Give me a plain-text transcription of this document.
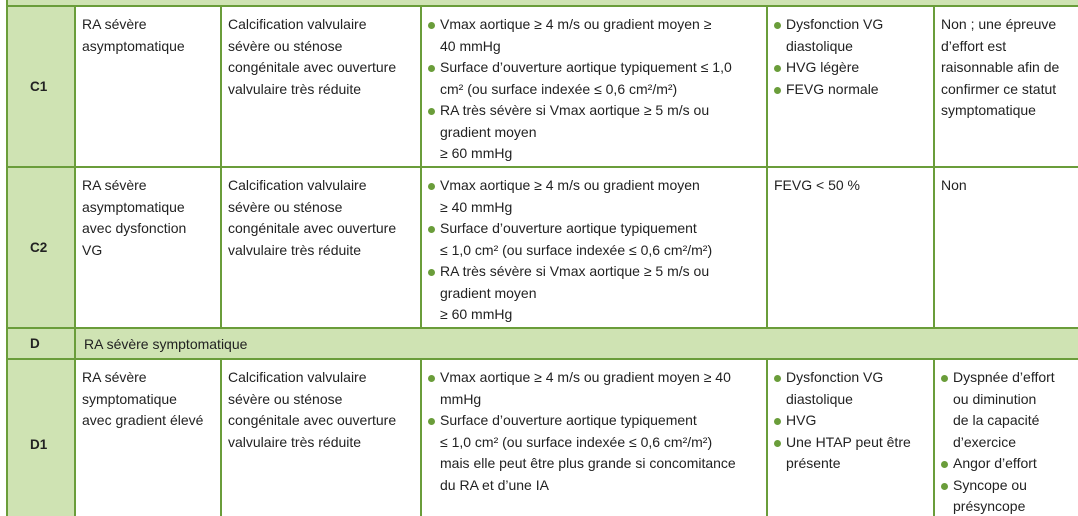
C1
RA sévère
asymptomatique
Calcification valvulaire
sévère ou sténose
congénitale avec ouverture
valvulaire très réduite
Vmax aortique ≥ 4 m/s ou gradient moyen ≥
40 mmHg
Surface d’ouverture aortique typiquement ≤ 1,0
cm² (ou surface indexée ≤ 0,6 cm²/m²)
RA très sévère si Vmax aortique ≥ 5 m/s ou
gradient moyen
≥ 60 mmHg
Dysfonction VG diastolique
HVG légère
FEVG normale
Non ; une épreuve
d’effort est
raisonnable afin de
confirmer ce statut
symptomatique
C2
RA sévère
asymptomatique
avec dysfonction
VG
Calcification valvulaire
sévère ou sténose
congénitale avec ouverture
valvulaire très réduite
Vmax aortique ≥ 4 m/s ou gradient moyen
≥ 40 mmHg
Surface d’ouverture aortique typiquement
≤ 1,0 cm² (ou surface indexée ≤ 0,6 cm²/m²)
RA très sévère si Vmax aortique ≥ 5 m/s ou
gradient moyen
≥ 60 mmHg
FEVG < 50 %	Non
D	RA sévère symptomatique
D1
RA sévère
symptomatique
avec gradient élevé
Calcification valvulaire
sévère ou sténose
congénitale avec ouverture
valvulaire très réduite
Vmax aortique ≥ 4 m/s ou gradient moyen ≥ 40
mmHg
Surface d’ouverture aortique typiquement
≤ 1,0 cm² (ou surface indexée ≤ 0,6 cm²/m²)
mais elle peut être plus grande si concomitance
du RA et d’une IA
Dysfonction VG
diastolique
HVG
Une HTAP peut être
présente
Dyspnée d’effort
ou diminution
de la capacité
d’exercice
Angor d’effort
Syncope ou
présyncope
